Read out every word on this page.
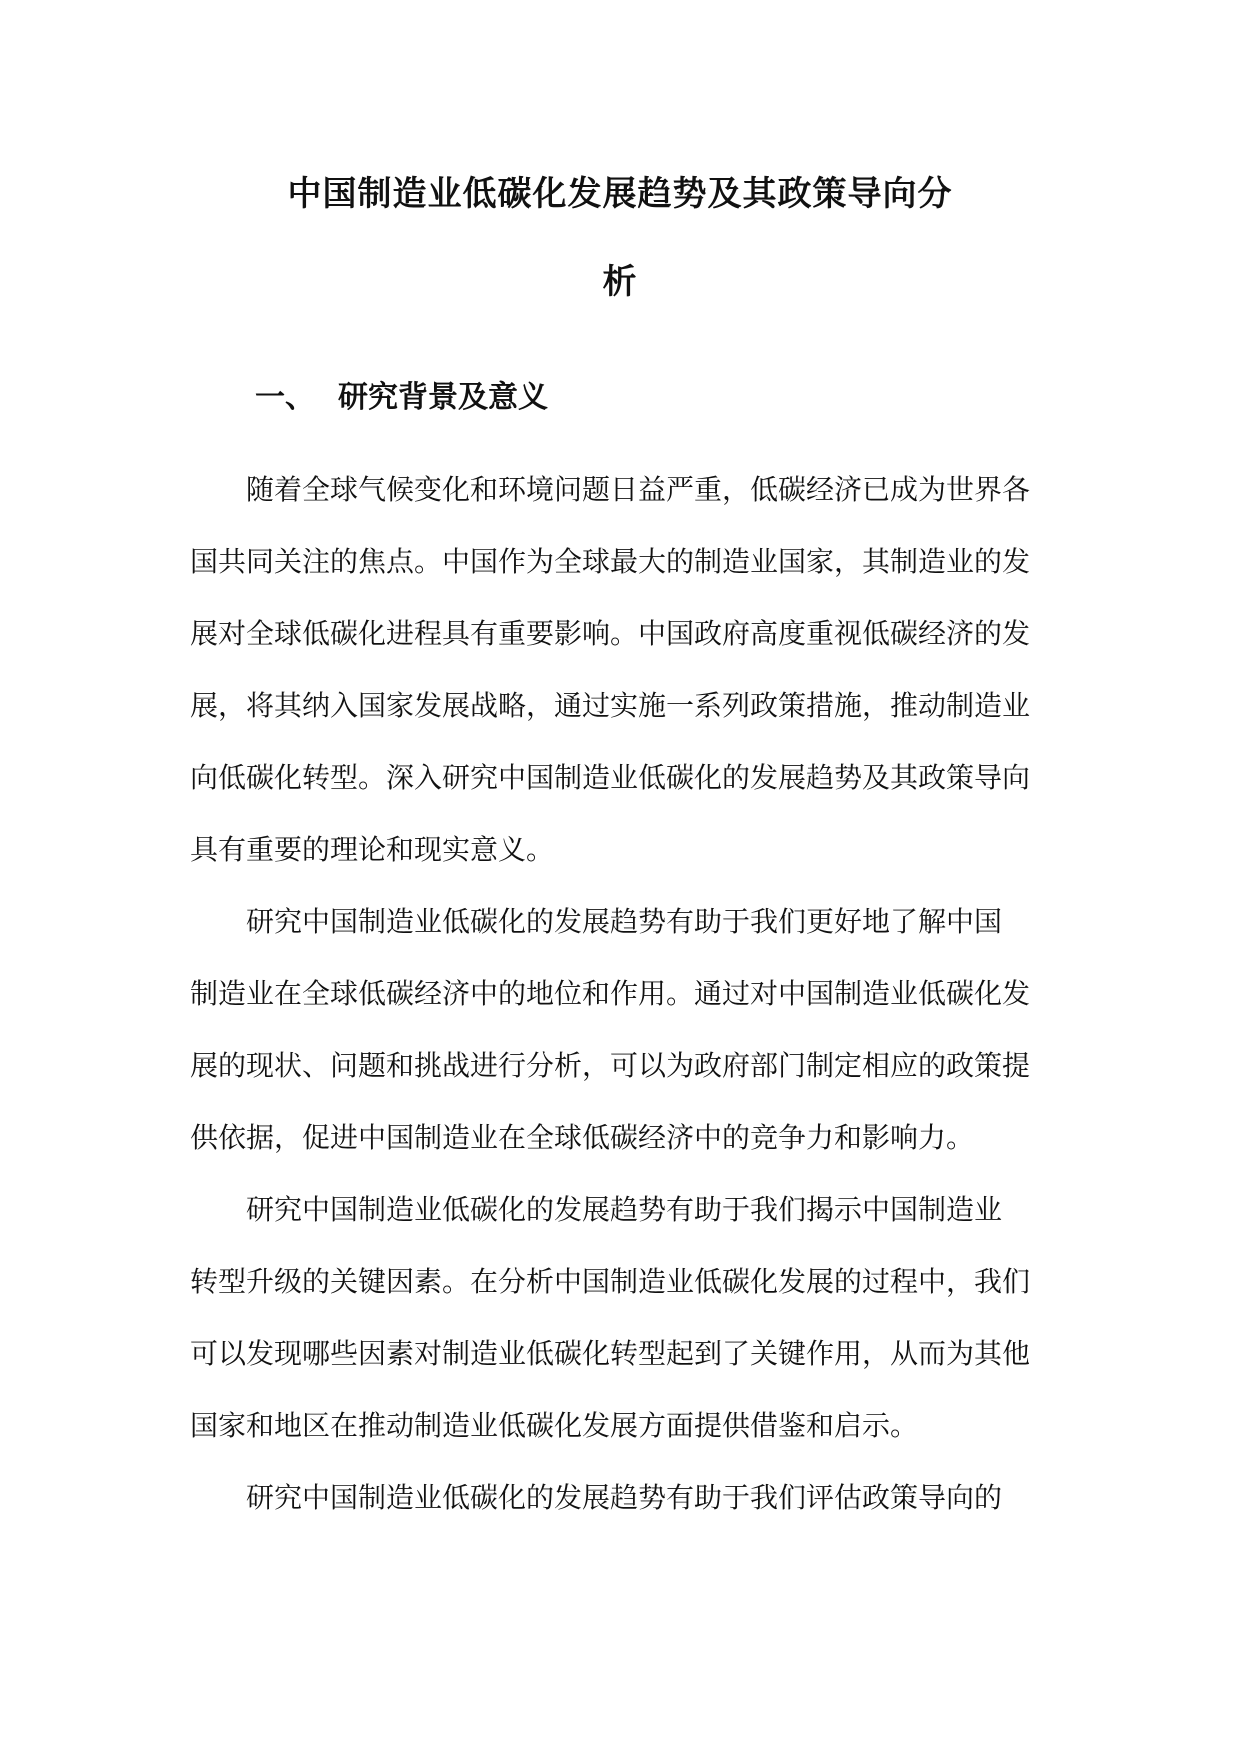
中国制造业低碳化发展趋势及其政策导向分
析
一、 研究背景及意义
随着全球气候变化和环境问题日益严重，低碳经济已成为世界各
国共同关注的焦点。中国作为全球最大的制造业国家，其制造业的发
展对全球低碳化进程具有重要影响。中国政府高度重视低碳经济的发
展，将其纳入国家发展战略，通过实施一系列政策措施，推动制造业
向低碳化转型。深入研究中国制造业低碳化的发展趋势及其政策导向
具有重要的理论和现实意义。
研究中国制造业低碳化的发展趋势有助于我们更好地了解中国
制造业在全球低碳经济中的地位和作用。通过对中国制造业低碳化发
展的现状、问题和挑战进行分析，可以为政府部门制定相应的政策提
供依据，促进中国制造业在全球低碳经济中的竞争力和影响力。
研究中国制造业低碳化的发展趋势有助于我们揭示中国制造业
转型升级的关键因素。在分析中国制造业低碳化发展的过程中，我们
可以发现哪些因素对制造业低碳化转型起到了关键作用，从而为其他
国家和地区在推动制造业低碳化发展方面提供借鉴和启示。
研究中国制造业低碳化的发展趋势有助于我们评估政策导向的
